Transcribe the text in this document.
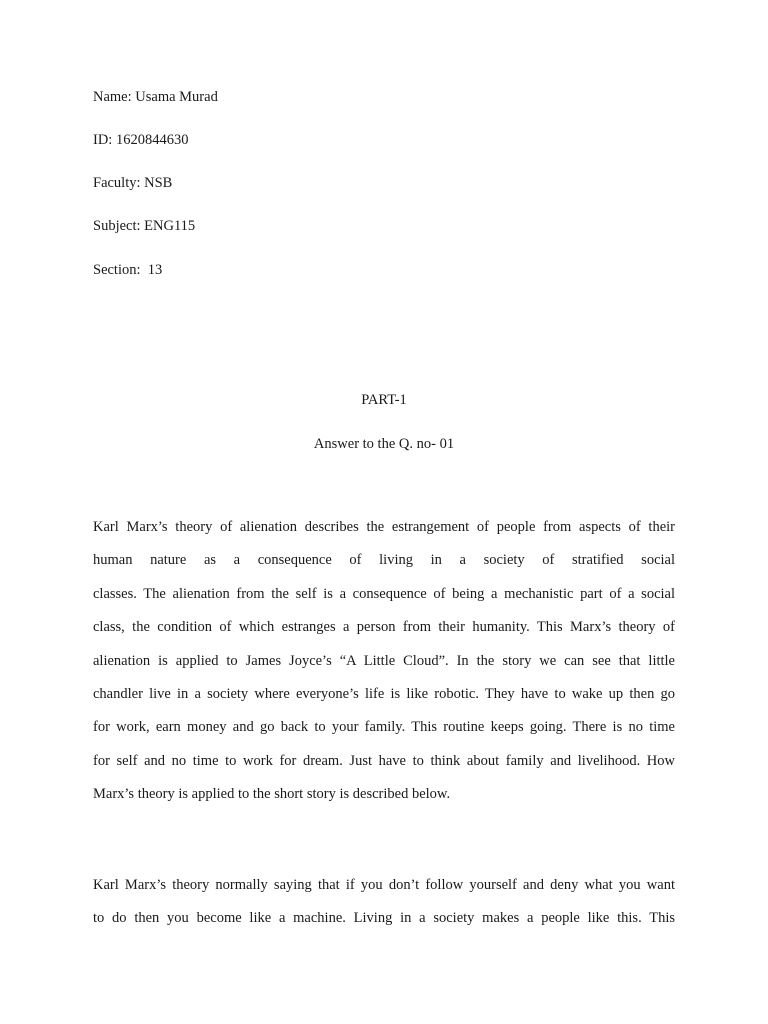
Name: Usama Murad
ID: 1620844630
Faculty: NSB
Subject: ENG115
Section:  13
PART-1
Answer to the Q. no- 01
Karl Marx’s theory of alienation describes the estrangement of people from aspects of their
human nature as a consequence of living in a society of stratified social
classes. The alienation from the self is a consequence of being a mechanistic part of a social
class, the condition of which estranges a person from their humanity. This Marx’s theory of
alienation is applied to James Joyce’s “A Little Cloud”. In the story we can see that little
chandler live in a society where everyone’s life is like robotic. They have to wake up then go
for work, earn money and go back to your family. This routine keeps going. There is no time
for self and no time to work for dream. Just have to think about family and livelihood. How
Marx’s theory is applied to the short story is described below.
Karl Marx’s theory normally saying that if you don’t follow yourself and deny what you want
to do then you become like a machine. Living in a society makes a people like this. This
